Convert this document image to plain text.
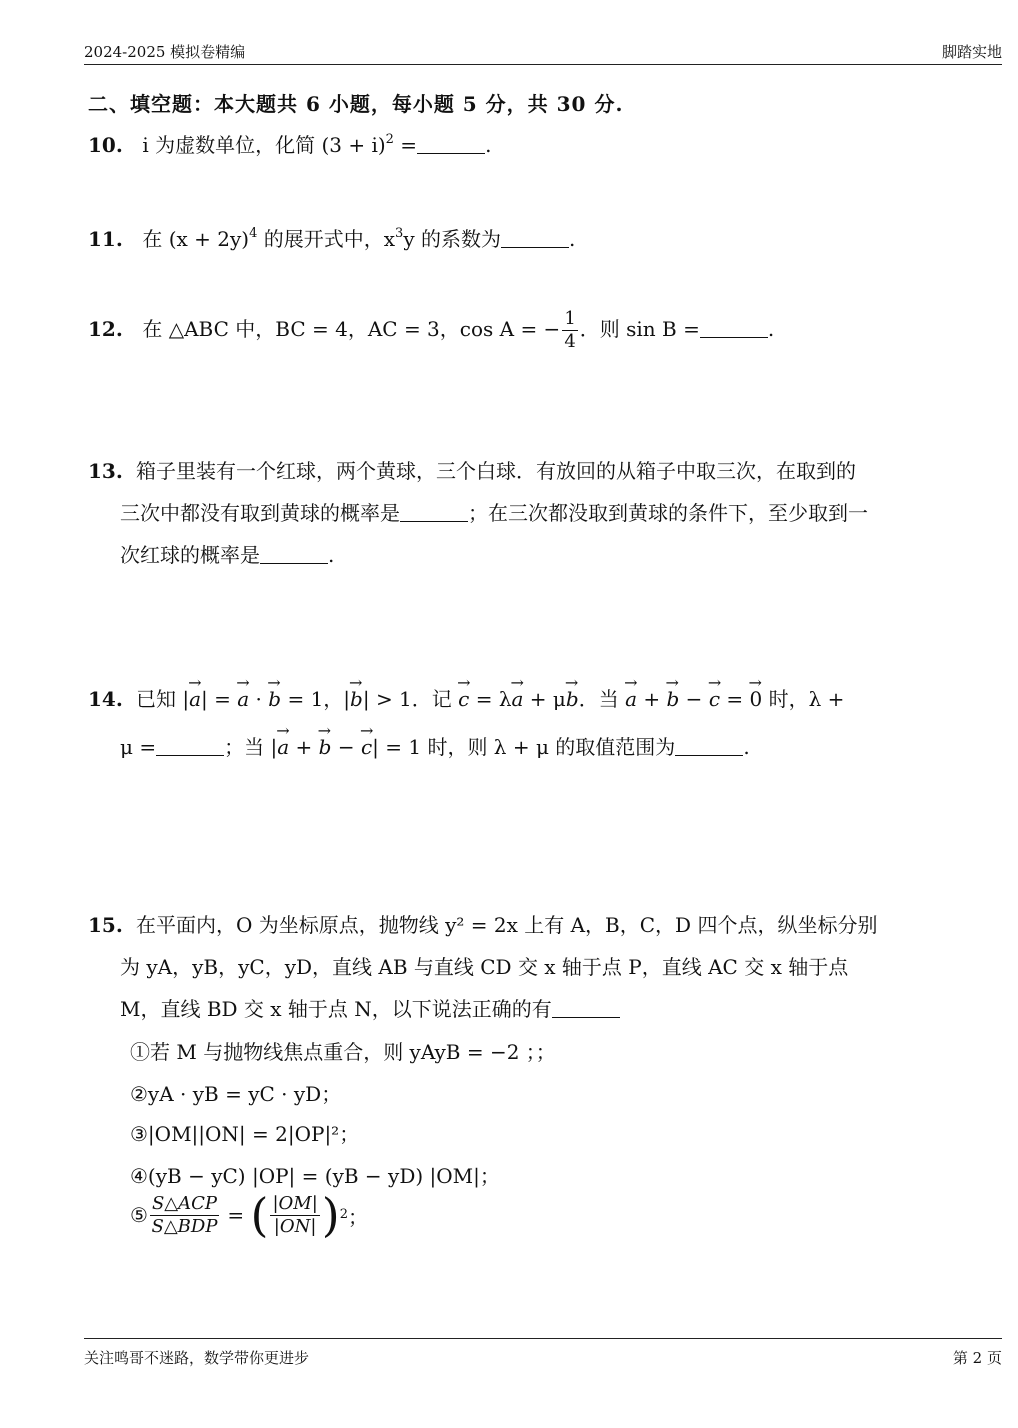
2024-2025 模拟卷精编	脚踏实地
二、填空题：本大题共 6 小题，每小题 5 分，共 30 分.
10. i 为虚数单位，化简 $(3 + i)^2$ =	.
11. 在 $(x + 2y)^4$ 的展开式中，$x^3y$ 的系数为	.
12. 在 △ABC 中，BC = 4，AC = 3，cos A = − $\frac{1}{4}$ ．则 sin B =	.
13. 箱子里装有一个红球，两个黄球，三个白球．有放回的从箱子中取三次，在取到的
三次中都没有取到黄球的概率是	；在三次都没取到黄球的条件下，至少取到一
次红球的概率是	.
14. 已知 |→ a| = → a · → b = 1，|→ b| > 1．记 → c = λ→ a + μ→ b．当 → a + → b − → c = → 0 时，λ +
μ =	；当 |→ a + → b − → c| = 1 时，则 λ + μ 的取值范围为	.
15. 在平面内，O 为坐标原点，抛物线 y² = 2x 上有 A，B，C，D 四个点，纵坐标分别
为 yA，yB，yC，yD，直线 AB 与直线 CD 交 x 轴于点 P，直线 AC 交 x 轴于点
M，直线 BD 交 x 轴于点 N，以下说法正确的有
①若 M 与抛物线焦点重合，则 yAyB = −2 ；；
②yA · yB = yC · yD；
③|OM||ON| = 2|OP|²；
④(yB − yC) |OP| = (yB − yD) |OM|；
⑤ $\frac{\text{S△ACP}}{\text{S△BDP}}$ = ( $\frac{|OM|}{|ON|}$ ) 2 ；
关注鸣哥不迷路，数学带你更进步	第 2 页
